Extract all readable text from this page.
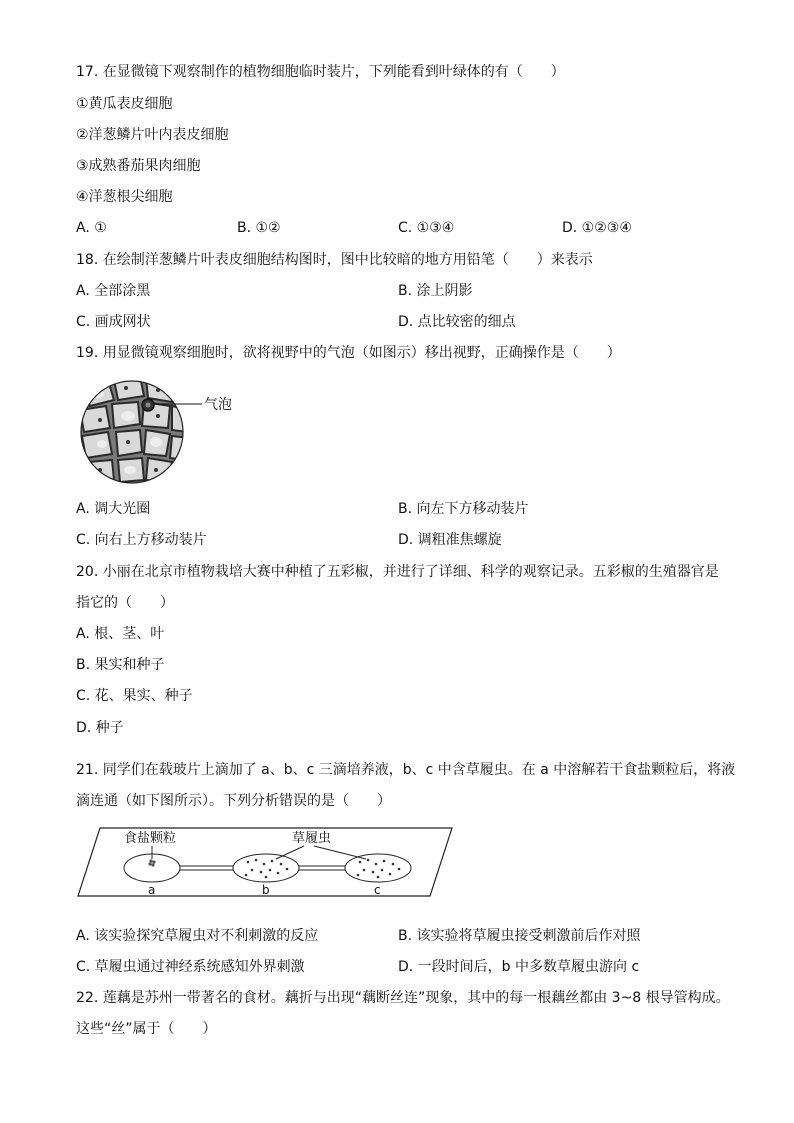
17. 在显微镜下观察制作的植物细胞临时装片，下列能看到叶绿体的有（　　）
①黄瓜表皮细胞
②洋葱鳞片叶内表皮细胞
③成熟番茄果肉细胞
④洋葱根尖细胞
A. ①	B. ①②	C. ①③④	D. ①②③④
18. 在绘制洋葱鳞片叶表皮细胞结构图时，图中比较暗的地方用铅笔（　　）来表示
A. 全部涂黑	B. 涂上阴影
C. 画成网状	D. 点比较密的细点
19. 用显微镜观察细胞时，欲将视野中的气泡（如图示）移出视野，正确操作是（　　）
气泡
A. 调大光圈	B. 向左下方移动装片
C. 向右上方移动装片	D. 调粗准焦螺旋
20. 小丽在北京市植物栽培大赛中种植了五彩椒，并进行了详细、科学的观察记录。五彩椒的生殖器官是
指它的（　　）
A. 根、茎、叶
B. 果实和种子
C. 花、果实、种子
D. 种子
21. 同学们在载玻片上滴加了 a、b、c 三滴培养液，b、c 中含草履虫。在 a 中溶解若干食盐颗粒后，将液
滴连通（如下图所示）。下列分析错误的是（　　）
食盐颗粒	草履虫
a	b	c
A. 该实验探究草履虫对不利刺激的反应	B. 该实验将草履虫接受刺激前后作对照
C. 草履虫通过神经系统感知外界刺激	D. 一段时间后，b 中多数草履虫游向 c
22. 莲藕是苏州一带著名的食材。藕折与出现“藕断丝连”现象，其中的每一根藕丝都由 3~8 根导管构成。
这些“丝”属于（　　）
